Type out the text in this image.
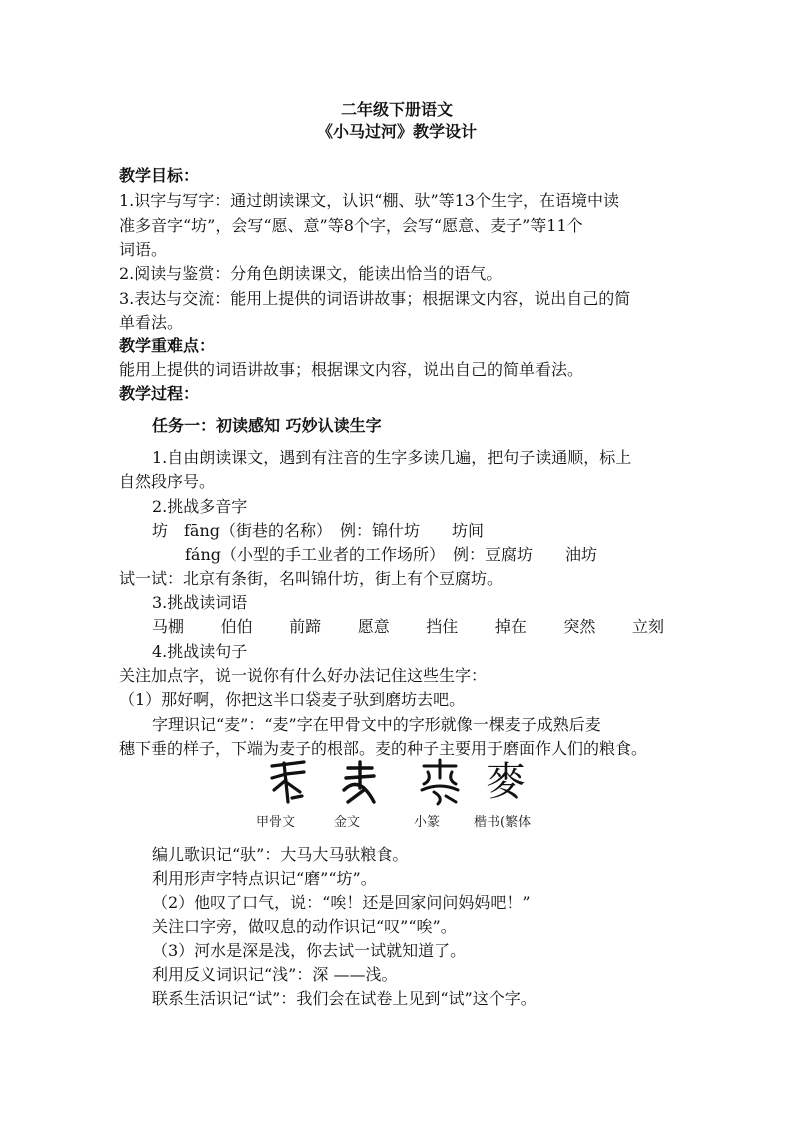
二年级下册语文
《小马过河》教学设计
教学目标：
1.识字与写字：通过朗读课文，认识“棚、驮”等13个生字，在语境中读
准多音字“坊”，会写“愿、意”等8个字，会写“愿意、麦子”等11个
词语。
2.阅读与鉴赏：分角色朗读课文，能读出恰当的语气。
3.表达与交流：能用上提供的词语讲故事；根据课文内容，说出自己的简
单看法。
教学重难点：
能用上提供的词语讲故事；根据课文内容，说出自己的简单看法。
教学过程：
任务一：初读感知 巧妙认读生字
1.自由朗读课文，遇到有注音的生字多读几遍，把句子读通顺，标上
自然段序号。
2.挑战多音字
坊　fāng（街巷的名称）　例：锦什坊　　坊间
fáng（小型的手工业者的工作场所）　例：豆腐坊　　油坊
试一试：北京有条街，名叫锦什坊，街上有个豆腐坊。
3.挑战读词语
马棚 伯伯 前蹄 愿意 挡住 掉在 突然 立刻
4.挑战读句子
关注加点字，说一说你有什么好办法记住这些生字：
（1）那好啊，你把这半口袋麦子驮到磨坊去吧。
字理识记“麦”：“麦”字在甲骨文中的字形就像一棵麦子成熟后麦
穗下垂的样子，下端为麦子的根部。麦的种子主要用于磨面作人们的粮食。
麥
甲骨文	金文	小篆	楷书(繁体
编儿歌识记“驮”：大马大马驮粮食。
利用形声字特点识记“磨”“坊”。
（2）他叹了口气，说：“唉！还是回家问问妈妈吧！”
关注口字旁，做叹息的动作识记“叹”“唉”。
（3）河水是深是浅，你去试一试就知道了。
利用反义词识记“浅”：深 ——浅。
联系生活识记“试”：我们会在试卷上见到“试”这个字。
